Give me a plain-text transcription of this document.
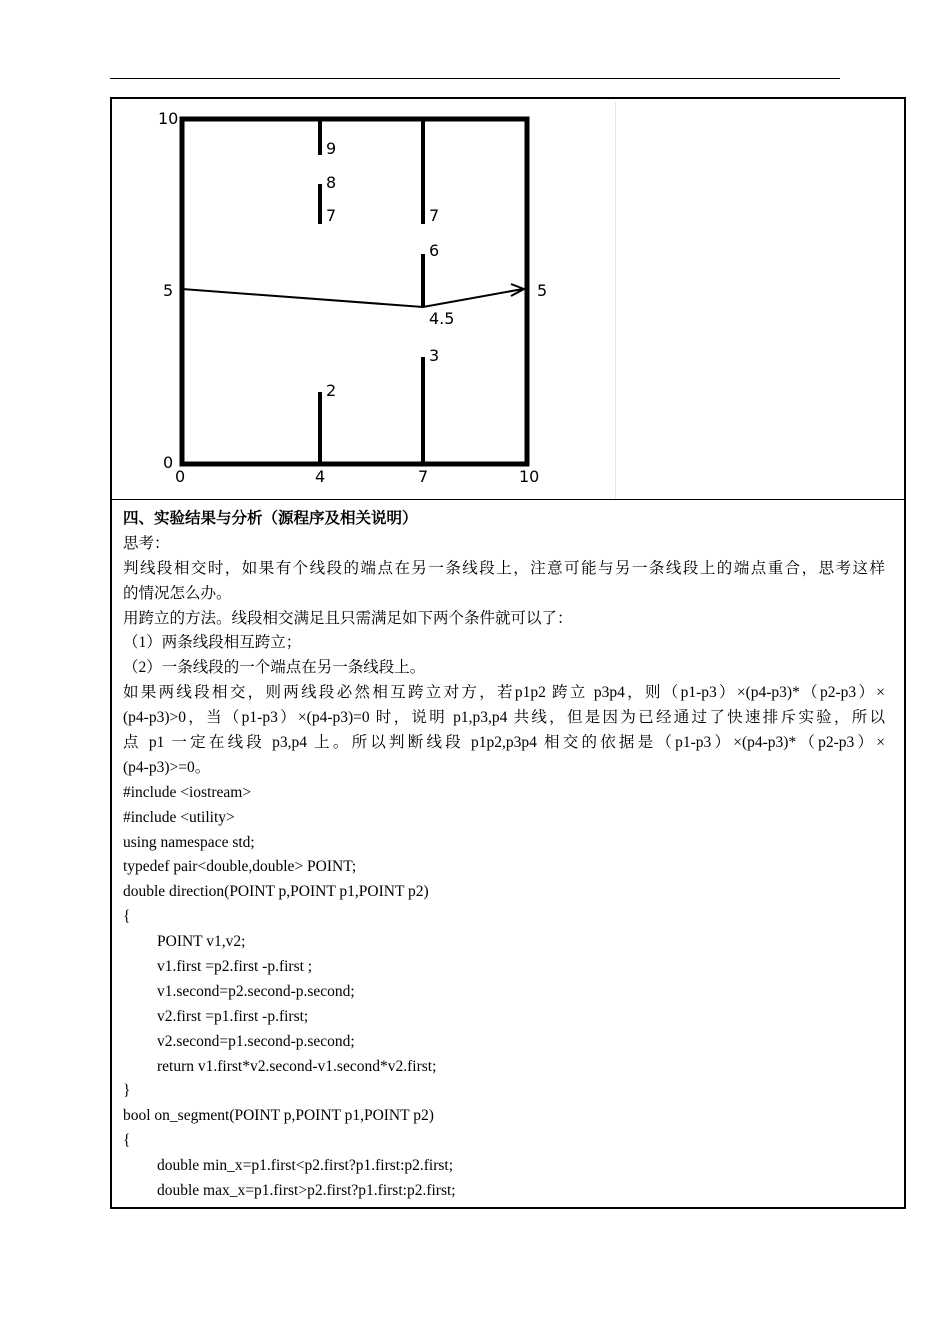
10
0
5	5
0	4	7	10
9
8
7	7
6
4.5
3
2
四、实验结果与分析（源程序及相关说明）
思考：
判线段相交时，如果有个线段的端点在另一条线段上，注意可能与另一条线段上的端点重合，思考这样
的情况怎么办。
用跨立的方法。线段相交满足且只需满足如下两个条件就可以了：
（1）两条线段相互跨立；
（2）一条线段的一个端点在另一条线段上。
如果两线段相交，则两线段必然相互跨立对方，若p1p2 跨立 p3p4，则（p1-p3）×(p4-p3)*（p2-p3）×
(p4-p3)>0，当（p1-p3）×(p4-p3)=0 时，说明 p1,p3,p4 共线，但是因为已经通过了快速排斥实验，所以
点 p1 一定在线段 p3,p4 上。所以判断线段 p1p2,p3p4 相交的依据是（p1-p3）×(p4-p3)*（p2-p3）×
(p4-p3)>=0。
#include <iostream>
#include <utility>
using namespace std;
typedef pair<double,double> POINT;
double direction(POINT p,POINT p1,POINT p2)
{
POINT v1,v2;
v1.first =p2.first -p.first ;
v1.second=p2.second-p.second;
v2.first =p1.first -p.first;
v2.second=p1.second-p.second;
return v1.first*v2.second-v1.second*v2.first;
}
bool on_segment(POINT p,POINT p1,POINT p2)
{
double min_x=p1.first<p2.first?p1.first:p2.first;
double max_x=p1.first>p2.first?p1.first:p2.first;
